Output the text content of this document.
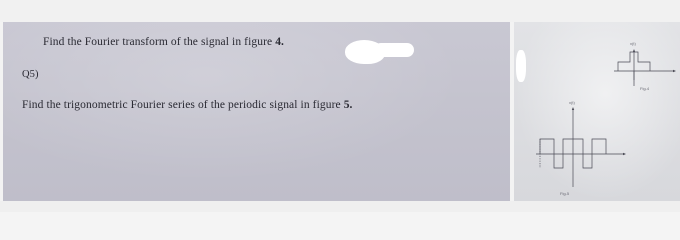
Find the Fourier transform of the signal in figure 4.

Q5)

Find the trigonometric Fourier series of the periodic signal in figure 5.

x(t)
Fig-4
x(t)
Fig-5
